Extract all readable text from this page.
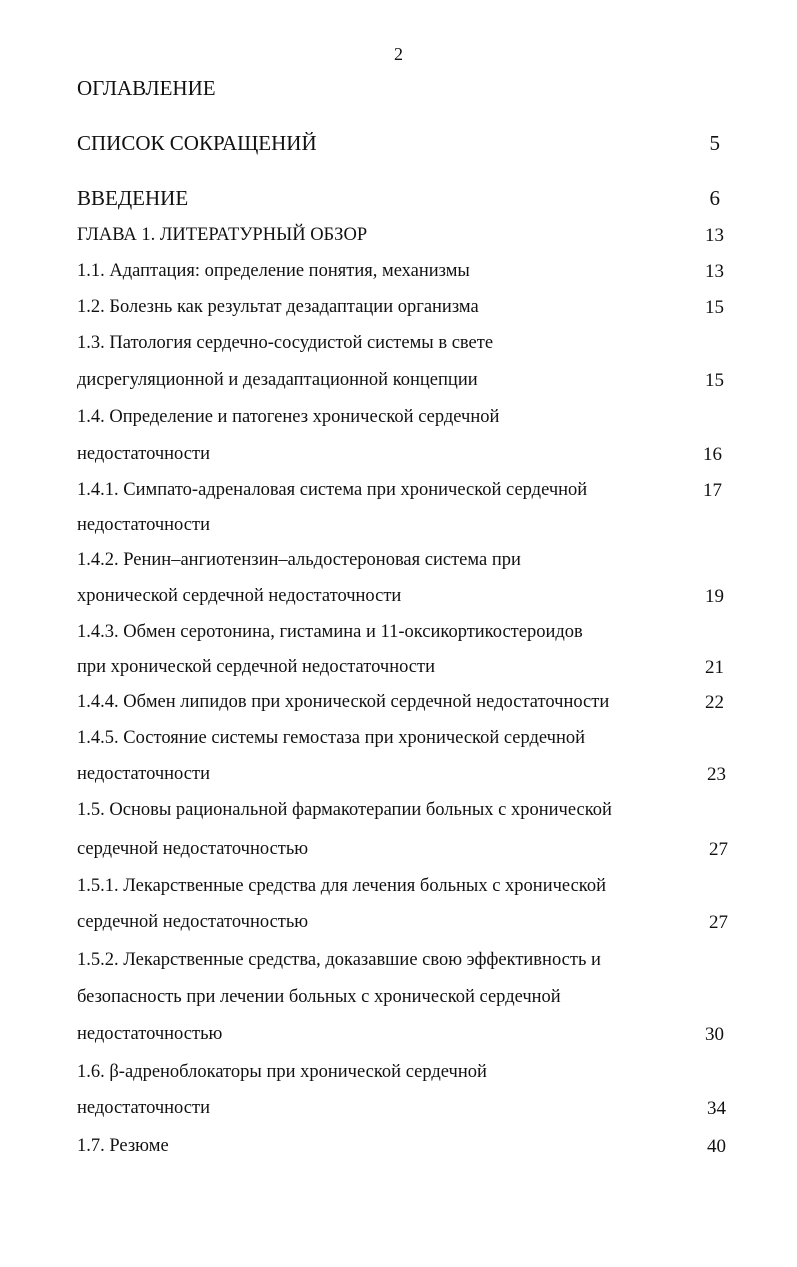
2
ОГЛАВЛЕНИЕ
СПИСОК СОКРАЩЕНИЙ	5
ВВЕДЕНИЕ	6
ГЛАВА 1. ЛИТЕРАТУРНЫЙ ОБЗОР	13
1.1. Адаптация: определение понятия, механизмы	13
1.2. Болезнь как результат дезадаптации организма	15
1.3. Патология сердечно-сосудистой системы в свете
дисрегуляционной и дезадаптационной концепции	15
1.4. Определение и патогенез хронической сердечной
недостаточности	16
1.4.1. Симпато-адреналовая система при хронической сердечной	17
недостаточности
1.4.2. Ренин–ангиотензин–альдостероновая система при
хронической сердечной недостаточности	19
1.4.3. Обмен серотонина, гистамина и 11-оксикортикостероидов
при хронической сердечной недостаточности	21
1.4.4. Обмен липидов при хронической сердечной недостаточности	22
1.4.5. Состояние системы гемостаза при хронической сердечной
недостаточности	23
1.5. Основы рациональной фармакотерапии больных с хронической
сердечной недостаточностью	27
1.5.1. Лекарственные средства для лечения больных с хронической
сердечной недостаточностью	27
1.5.2. Лекарственные средства, доказавшие свою эффективность и
безопасность при лечении больных с хронической сердечной
недостаточностью	30
1.6. β-адреноблокаторы при хронической сердечной
недостаточности	34
1.7. Резюме	40
